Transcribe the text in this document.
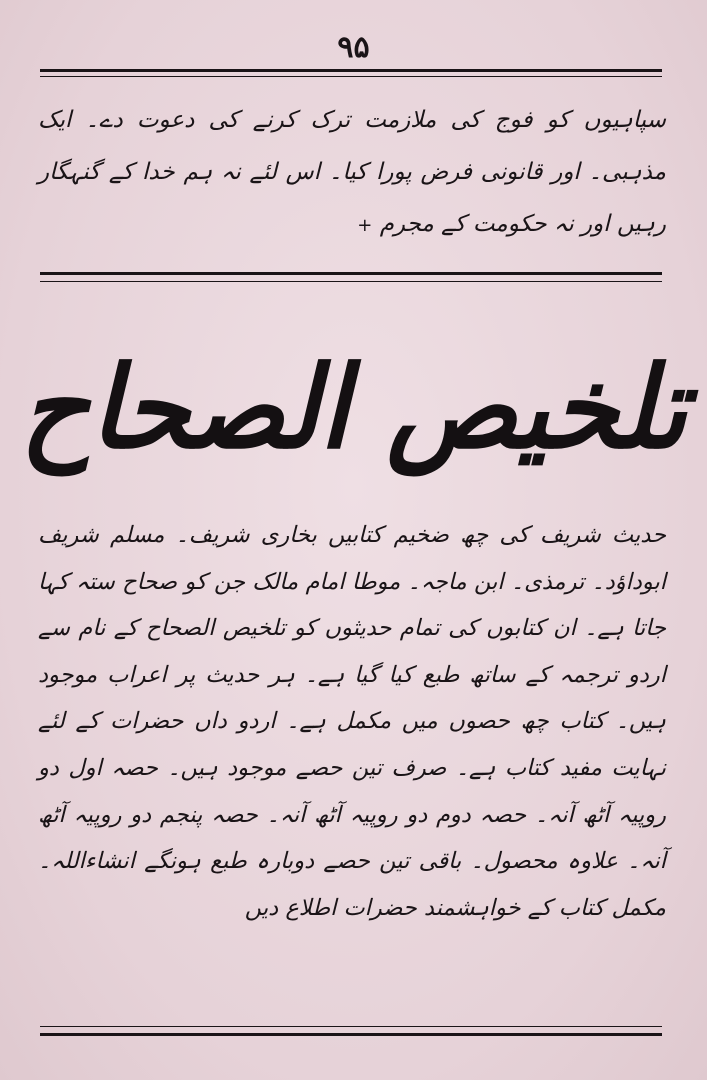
۹۵
سپاہیوں کو فوج کی ملازمت ترک کرنے کی دعوت دے۔ ایک مذہبی۔ اور قانونی فرض پورا کیا۔ اس لئے نہ ہم خدا کے گنہگار رہیں اور نہ حکومت کے مجرم +
تلخیص الصحاح
حدیث شریف کی چھ ضخیم کتابیں بخاری شریف۔ مسلم شریف ابوداؤد۔ ترمذی۔ ابن ماجہ۔ موطا امام مالک جن کو صحاح ستہ کہا جاتا ہے۔ ان کتابوں کی تمام حدیثوں کو تلخیص الصحاح کے نام سے اردو ترجمہ کے ساتھ طبع کیا گیا ہے۔ ہر حدیث پر اعراب موجود ہیں۔ کتاب چھ حصوں میں مکمل ہے۔ اردو داں حضرات کے لئے نہایت مفید کتاب ہے۔ صرف تین حصے موجود ہیں۔ حصہ اول دو روپیہ آٹھ آنہ۔ حصہ دوم دو روپیہ آٹھ آنہ۔ حصہ پنجم دو روپیہ آٹھ آنہ۔ علاوہ محصول۔ باقی تین حصے دوبارہ طبع ہونگے انشاءاللہ۔ مکمل کتاب کے خواہشمند حضرات اطلاع دیں
